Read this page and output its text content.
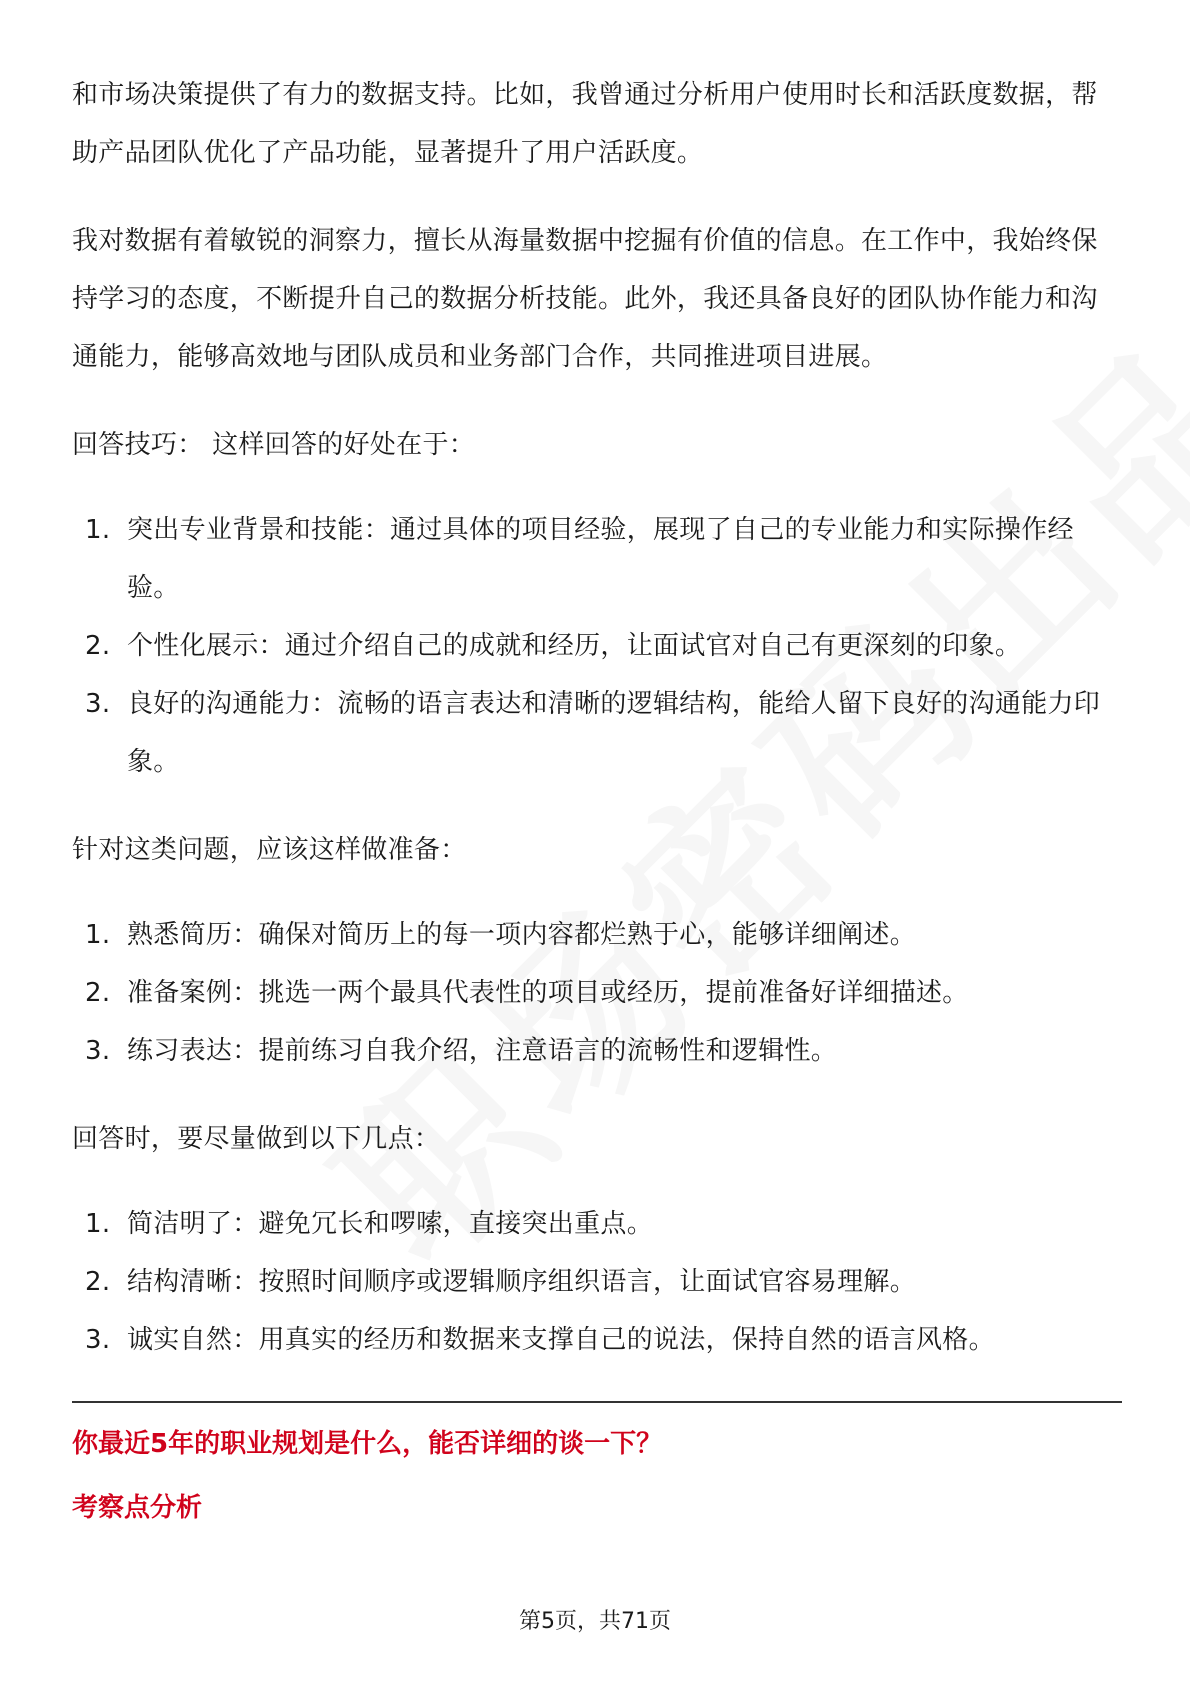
和市场决策提供了有力的数据支持。比如，我曾通过分析用户使用时长和活跃度数据，帮助产品团队优化了产品功能，显著提升了用户活跃度。

我对数据有着敏锐的洞察力，擅长从海量数据中挖掘有价值的信息。在工作中，我始终保持学习的态度，不断提升自己的数据分析技能。此外，我还具备良好的团队协作能力和沟通能力，能够高效地与团队成员和业务部门合作，共同推进项目进展。

回答技巧： 这样回答的好处在于：

1. 突出专业背景和技能：通过具体的项目经验，展现了自己的专业能力和实际操作经验。
2. 个性化展示：通过介绍自己的成就和经历，让面试官对自己有更深刻的印象。
3. 良好的沟通能力：流畅的语言表达和清晰的逻辑结构，能给人留下良好的沟通能力印象。

针对这类问题，应该这样做准备：

1. 熟悉简历：确保对简历上的每一项内容都烂熟于心，能够详细阐述。
2. 准备案例：挑选一两个最具代表性的项目或经历，提前准备好详细描述。
3. 练习表达：提前练习自我介绍，注意语言的流畅性和逻辑性。

回答时，要尽量做到以下几点：

1. 简洁明了：避免冗长和啰嗦，直接突出重点。
2. 结构清晰：按照时间顺序或逻辑顺序组织语言，让面试官容易理解。
3. 诚实自然：用真实的经历和数据来支撑自己的说法，保持自然的语言风格。

你最近5年的职业规划是什么，能否详细的谈一下？

考察点分析

第5页，共71页
